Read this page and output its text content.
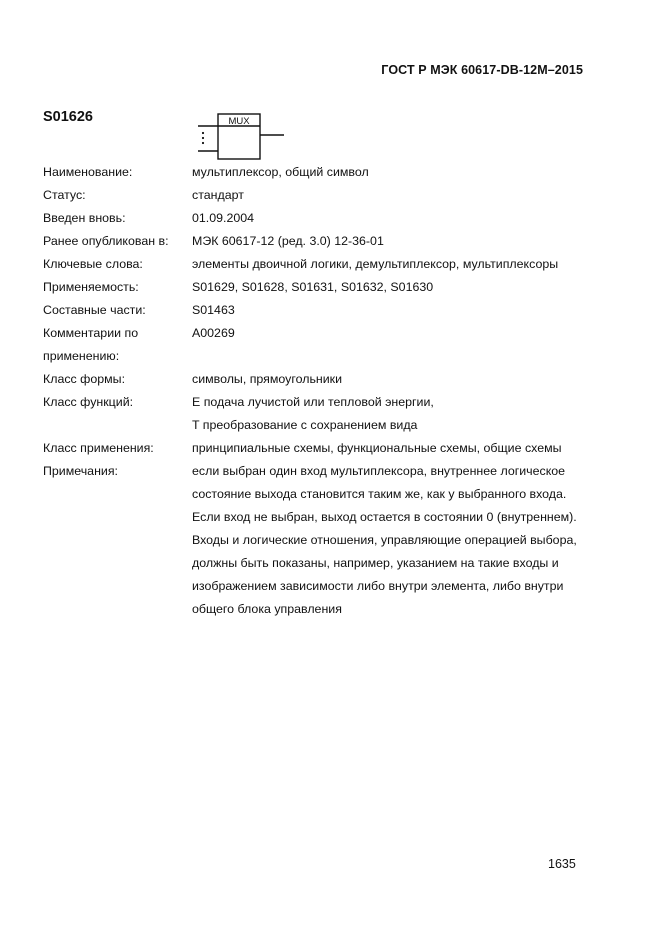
ГОСТ Р МЭК 60617-DB-12M–2015
S01626	MUX
Наименование:	мультиплексор, общий символ
Статус:	стандарт
Введен вновь:	01.09.2004
Ранее опубликован в: МЭК 60617-12 (ред. 3.0) 12-36-01
Ключевые слова:	элементы двоичной логики, демультиплексор, мультиплексоры
Применяемость:	S01629, S01628, S01631, S01632, S01630
Составные части:	S01463
Комментарии по	A00269
применению:
Класс формы:	символы, прямоугольники
Класс функций:	E подача лучистой или тепловой энергии,
T преобразование с сохранением вида
Класс применения:	принципиальные схемы, функциональные схемы, общие схемы
Примечания:	если выбран один вход мультиплексора, внутреннее логическое
состояние выхода становится таким же, как у выбранного входа.
Если вход не выбран, выход остается в состоянии 0 (внутреннем).
Входы и логические отношения, управляющие операцией выбора,
должны быть показаны, например, указанием на такие входы и
изображением зависимости либо внутри элемента, либо внутри
общего блока управления
1635
